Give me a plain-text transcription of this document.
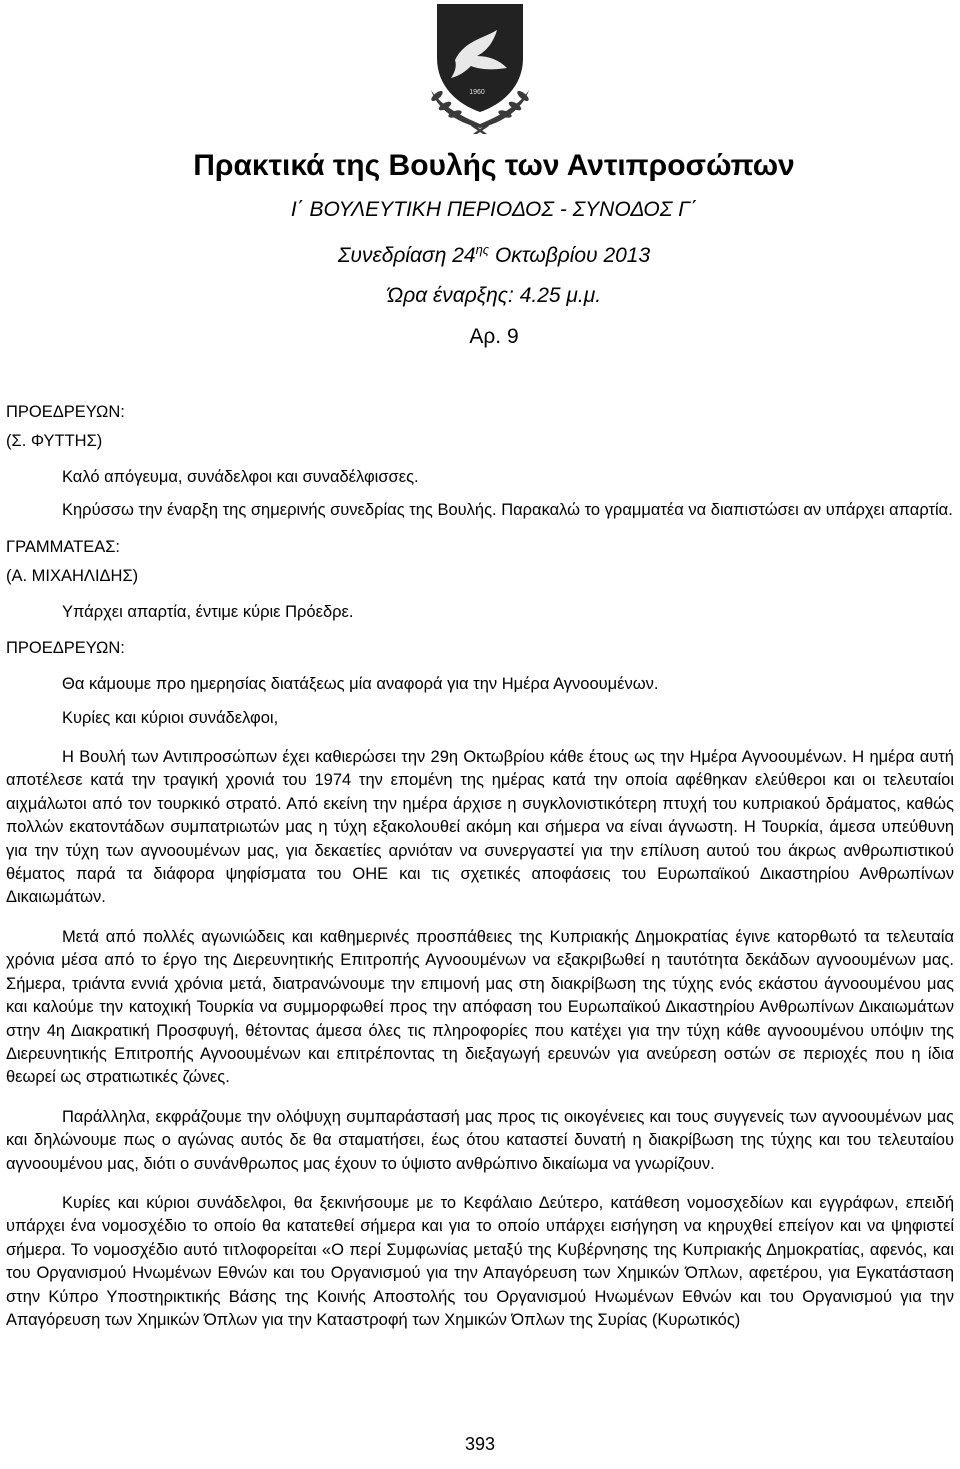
1960

Πρακτικά της Βουλής των Αντιπροσώπων

Ι΄ ΒΟΥΛΕΥΤΙΚΗ ΠΕΡΙΟΔΟΣ - ΣΥΝΟΔΟΣ Γ΄

Συνεδρίαση $24^{\eta\varsigma}$ Οκτωβρίου 2013

Ώρα έναρξης: 4.25 μ.μ.

Αρ. 9

ΠΡΟΕΔΡΕΥΩΝ:

(Σ. ΦΥΤΤΗΣ)

Καλό απόγευμα, συνάδελφοι και συναδέλφισσες.

Κηρύσσω την έναρξη της σημερινής συνεδρίας της Βουλής. Παρακαλώ το γραμματέα να διαπιστώσει αν υπάρχει απαρτία.

ΓΡΑΜΜΑΤΕΑΣ:

(Α. ΜΙΧΑΗΛΙΔΗΣ)

Υπάρχει απαρτία, έντιμε κύριε Πρόεδρε.

ΠΡΟΕΔΡΕΥΩΝ:

Θα κάμουμε προ ημερησίας διατάξεως μία αναφορά για την Ημέρα Αγνοουμένων.

Κυρίες και κύριοι συνάδελφοι,

Η Βουλή των Αντιπροσώπων έχει καθιερώσει την 29η Οκτωβρίου κάθε έτους ως την Ημέρα Αγνοουμένων. Η ημέρα αυτή αποτέλεσε κατά την τραγική χρονιά του 1974 την επομένη της ημέρας κατά την οποία αφέθηκαν ελεύθεροι και οι τελευταίοι αιχμάλωτοι από τον τουρκικό στρατό. Από εκείνη την ημέρα άρχισε η συγκλονιστικότερη πτυχή του κυπριακού δράματος, καθώς πολλών εκατοντάδων συμπατριωτών μας η τύχη εξακολουθεί ακόμη και σήμερα να είναι άγνωστη. Η Τουρκία, άμεσα υπεύθυνη για την τύχη των αγνοουμένων μας, για δεκαετίες αρνιόταν να συνεργαστεί για την επίλυση αυτού του άκρως ανθρωπιστικού θέματος παρά τα διάφορα ψηφίσματα του ΟΗΕ και τις σχετικές αποφάσεις του Ευρωπαϊκού Δικαστηρίου Ανθρωπίνων Δικαιωμάτων.

Μετά από πολλές αγωνιώδεις και καθημερινές προσπάθειες της Κυπριακής Δημοκρατίας έγινε κατορθωτό τα τελευταία χρόνια μέσα από το έργο της Διερευνητικής Επιτροπής Αγνοουμένων να εξακριβωθεί η ταυτότητα δεκάδων αγνοουμένων μας. Σήμερα, τριάντα εννιά χρόνια μετά, διατρανώνουμε την επιμονή μας στη διακρίβωση της τύχης ενός εκάστου άγνοουμένου μας και καλούμε την κατοχική Τουρκία να συμμορφωθεί προς την απόφαση του Ευρωπαϊκού Δικαστηρίου Ανθρωπίνων Δικαιωμάτων στην 4η Διακρατική Προσφυγή, θέτοντας άμεσα όλες τις πληροφορίες που κατέχει για την τύχη κάθε αγνοουμένου υπόψιν της Διερευνητικής Επιτροπής Αγνοουμένων και επιτρέποντας τη διεξαγωγή ερευνών για ανεύρεση οστών σε περιοχές που η ίδια θεωρεί ως στρατιωτικές ζώνες.

Παράλληλα, εκφράζουμε την ολόψυχη συμπαράστασή μας προς τις οικογένειες και τους συγγενείς των αγνοουμένων μας και δηλώνουμε πως ο αγώνας αυτός δε θα σταματήσει, έως ότου καταστεί δυνατή η διακρίβωση της τύχης και του τελευταίου αγνοουμένου μας, διότι ο συνάνθρωπος μας έχουν το ύψιστο ανθρώπινο δικαίωμα να γνωρίζουν.

Κυρίες και κύριοι συνάδελφοι, θα ξεκινήσουμε με το Κεφάλαιο Δεύτερο, κατάθεση νομοσχεδίων και εγγράφων, επειδή υπάρχει ένα νομοσχέδιο το οποίο θα κατατεθεί σήμερα και για το οποίο υπάρχει εισήγηση να κηρυχθεί επείγον και να ψηφιστεί σήμερα. Το νομοσχέδιο αυτό τιτλοφορείται «Ο περί Συμφωνίας μεταξύ της Κυβέρνησης της Κυπριακής Δημοκρατίας, αφενός, και του Οργανισμού Ηνωμένων Εθνών και του Οργανισμού για την Απαγόρευση των Χημικών Όπλων, αφετέρου, για Εγκατάσταση στην Κύπρο Υποστηρικτικής Βάσης της Κοινής Αποστολής του Οργανισμού Ηνωμένων Εθνών και του Οργανισμού για την Απαγόρευση των Χημικών Όπλων για την Καταστροφή των Χημικών Όπλων της Συρίας (Κυρωτικός)

393
